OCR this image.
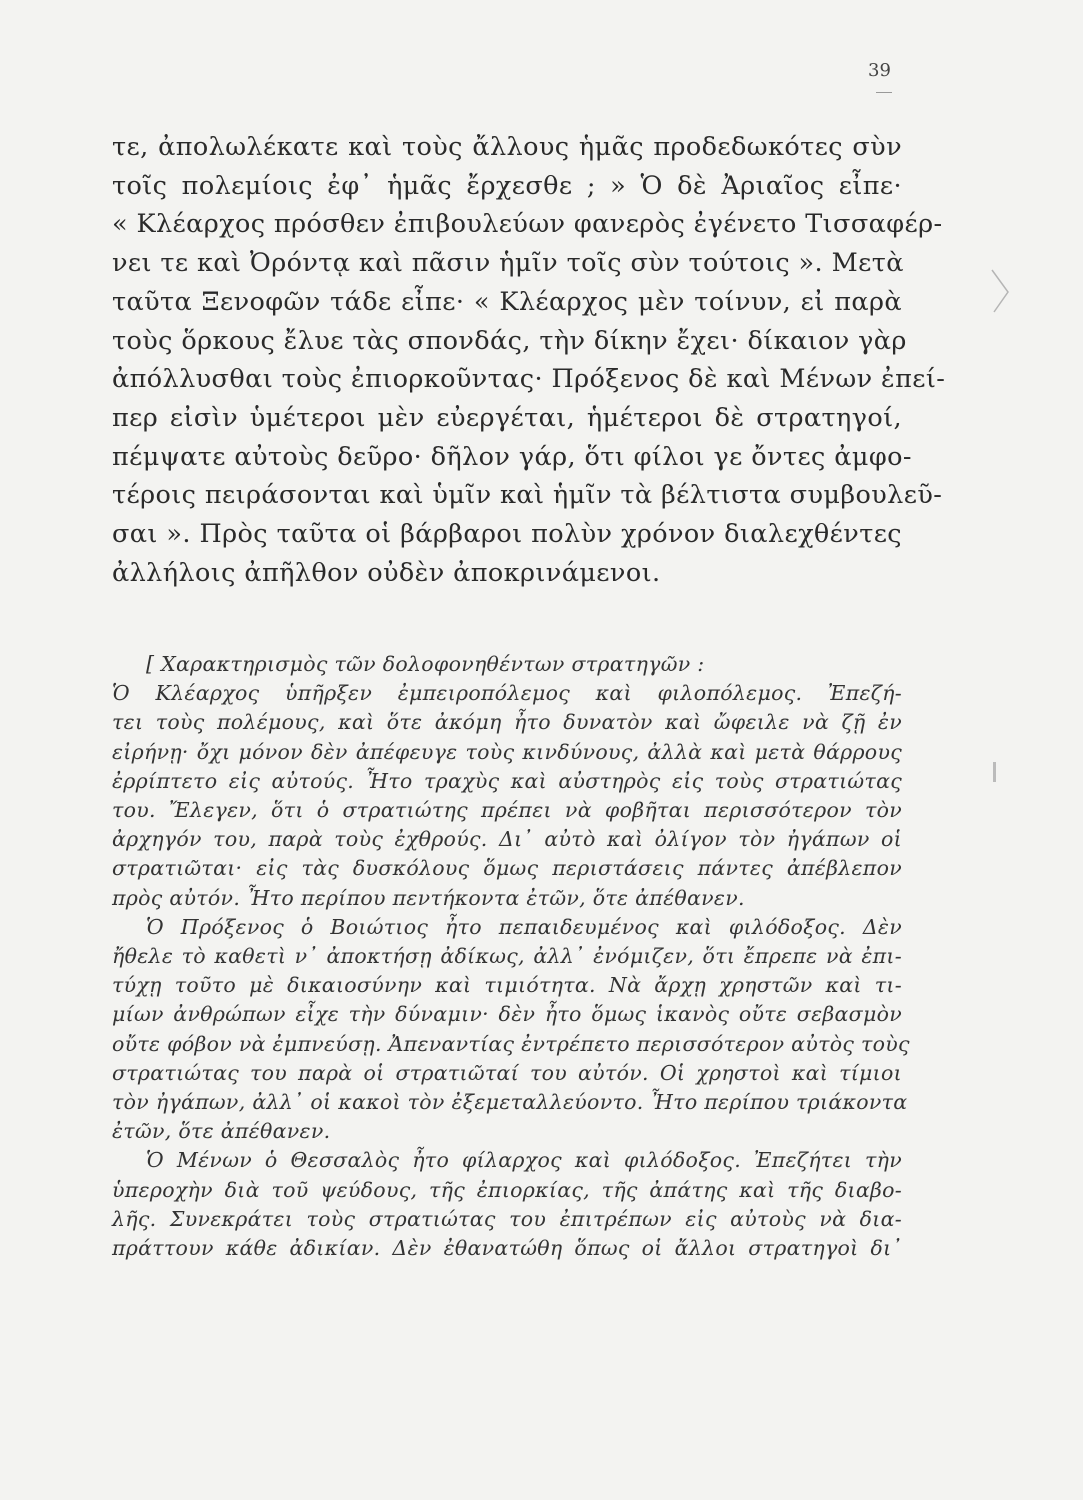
39
τε, ἀπολωλέκατε καὶ τοὺς ἄλλους ἡμᾶς προδεδωκότες σὺν
τοῖς πολεμίοις ἐφ᾽ ἡμᾶς ἔρχεσθε ; » Ὁ δὲ Ἀριαῖος εἶπε·
« Κλέαρχος πρόσθεν ἐπιβουλεύων φανερὸς ἐγένετο Τισσαφέρ-
νει τε καὶ Ὀρόντᾳ καὶ πᾶσιν ἡμῖν τοῖς σὺν τούτοις ». Μετὰ
ταῦτα Ξενοφῶν τάδε εἶπε· « Κλέαρχος μὲν τοίνυν, εἰ παρὰ
τοὺς ὅρκους ἔλυε τὰς σπονδάς, τὴν δίκην ἔχει· δίκαιον γὰρ
ἀπόλλυσθαι τοὺς ἐπιορκοῦντας· Πρόξενος δὲ καὶ Μένων ἐπεί-
περ εἰσὶν ὑμέτεροι μὲν εὐεργέται, ἡμέτεροι δὲ στρατηγοί,
πέμψατε αὐτοὺς δεῦρο· δῆλον γάρ, ὅτι φίλοι γε ὄντες ἀμφο-
τέροις πειράσονται καὶ ὑμῖν καὶ ἡμῖν τὰ βέλτιστα συμβουλεῦ-
σαι ». Πρὸς ταῦτα οἱ βάρβαροι πολὺν χρόνον διαλεχθέντες
ἀλλήλοις ἀπῆλθον οὐδὲν ἀποκρινάμενοι.
[ Χαρακτηρισμὸς τῶν δολοφονηθέντων στρατηγῶν :
Ὁ Κλέαρχος ὑπῆρξεν ἐμπειροπόλεμος καὶ φιλοπόλεμος. Ἐπεζή-
τει τοὺς πολέμους, καὶ ὅτε ἀκόμη ἦτο δυνατὸν καὶ ὤφειλε νὰ ζῇ ἐν
εἰρήνῃ· ὄχι μόνον δὲν ἀπέφευγε τοὺς κινδύνους, ἀλλὰ καὶ μετὰ θάρρους
ἐρρίπτετο εἰς αὐτούς. Ἦτο τραχὺς καὶ αὐστηρὸς εἰς τοὺς στρατιώτας
του. Ἔλεγεν, ὅτι ὁ στρατιώτης πρέπει νὰ φοβῆται περισσότερον τὸν
ἀρχηγόν του, παρὰ τοὺς ἐχθρούς. Δι᾽ αὐτὸ καὶ ὀλίγον τὸν ἠγάπων οἱ
στρατιῶται· εἰς τὰς δυσκόλους ὅμως περιστάσεις πάντες ἀπέβλεπον
πρὸς αὐτόν. Ἦτο περίπου πεντήκοντα ἐτῶν, ὅτε ἀπέθανεν.
Ὁ Πρόξενος ὁ Βοιώτιος ἦτο πεπαιδευμένος καὶ φιλόδοξος. Δὲν
ἤθελε τὸ καθετὶ ν᾽ ἀποκτήσῃ ἀδίκως, ἀλλ᾽ ἐνόμιζεν, ὅτι ἔπρεπε νὰ ἐπι-
τύχῃ τοῦτο μὲ δικαιοσύνην καὶ τιμιότητα. Νὰ ἄρχῃ χρηστῶν καὶ τι-
μίων ἀνθρώπων εἶχε τὴν δύναμιν· δὲν ἦτο ὅμως ἱκανὸς οὔτε σεβασμὸν
οὔτε φόβον νὰ ἐμπνεύσῃ. Ἀπεναντίας ἐντρέπετο περισσότερον αὐτὸς τοὺς
στρατιώτας του παρὰ οἱ στρατιῶταί του αὐτόν. Οἱ χρηστοὶ καὶ τίμιοι
τὸν ἠγάπων, ἀλλ᾽ οἱ κακοὶ τὸν ἐξεμεταλλεύοντο. Ἦτο περίπου τριάκοντα
ἐτῶν, ὅτε ἀπέθανεν.
Ὁ Μένων ὁ Θεσσαλὸς ἦτο φίλαρχος καὶ φιλόδοξος. Ἐπεζήτει τὴν
ὑπεροχὴν διὰ τοῦ ψεύδους, τῆς ἐπιορκίας, τῆς ἀπάτης καὶ τῆς διαβο-
λῆς. Συνεκράτει τοὺς στρατιώτας του ἐπιτρέπων εἰς αὐτοὺς νὰ δια-
πράττουν κάθε ἀδικίαν. Δὲν ἐθανατώθη ὅπως οἱ ἄλλοι στρατηγοὶ δι᾽
